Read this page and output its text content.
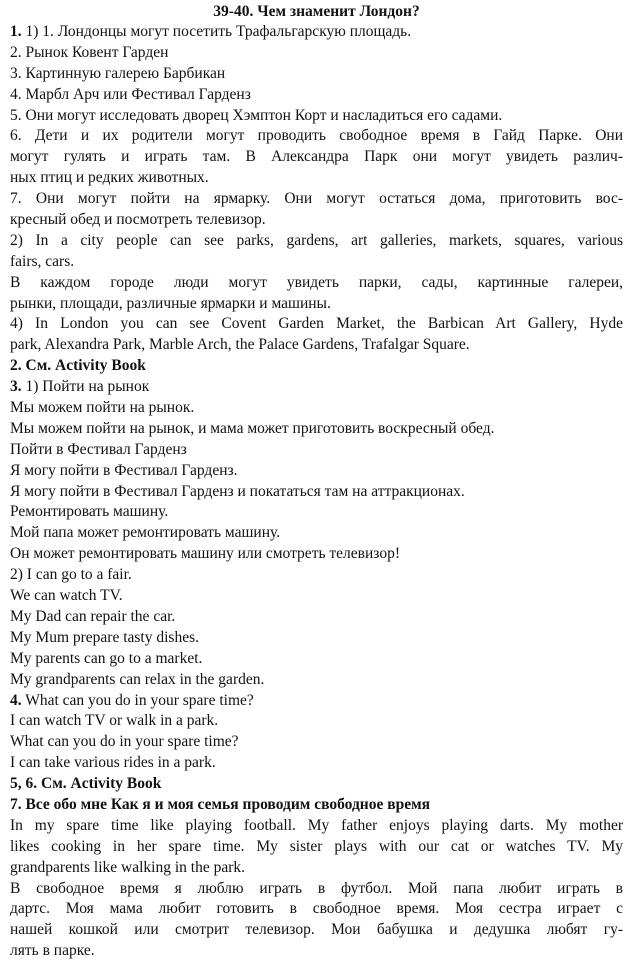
39-40. Чем знаменит Лондон?
1. 1) 1. Лондонцы могут посетить Трафальгарскую площадь.
2. Рынок Ковент Гарден
3. Картинную галерею Барбикан
4. Марбл Арч или Фестивал Гарденз
5. Они могут исследовать дворец Хэмптон Корт и насладиться его садами.
6. Дети и их родители могут проводить свободное время в Гайд Парке. Они
могут гулять и играть там. В Александра Парк они могут увидеть различ-
ных птиц и редких животных.
7. Они могут пойти на ярмарку. Они могут остаться дома, приготовить вос-
кресный обед и посмотреть телевизор.
2) In a city people can see parks, gardens, art galleries, markets, squares, various
fairs, cars.
В каждом городе люди могут увидеть парки, сады, картинные галереи,
рынки, площади, различные ярмарки и машины.
4) In London you can see Covent Garden Market, the Barbican Art Gallery, Hyde
park, Alexandra Park, Marble Arch, the Palace Gardens, Trafalgar Square.
2. См. Activity Book
3. 1) Пойти на рынок
Мы можем пойти на рынок.
Мы можем пойти на рынок, и мама может приготовить воскресный обед.
Пойти в Фестивал Гарденз
Я могу пойти в Фестивал Гарденз.
Я могу пойти в Фестивал Гарденз и покататься там на аттракционах.
Ремонтировать машину.
Мой папа может ремонтировать машину.
Он может ремонтировать машину или смотреть телевизор!
2) I can go to a fair.
We can watch TV.
My Dad can repair the car.
My Mum prepare tasty dishes.
My parents can go to a market.
My grandparents can relax in the garden.
4. What can you do in your spare time?
I can watch TV or walk in a park.
What can you do in your spare time?
I can take various rides in a park.
5, 6. См. Activity Book
7. Все обо мне Как я и моя семья проводим свободное время
In my spare time like playing football. My father enjoys playing darts. My mother
likes cooking in her spare time. My sister plays with our cat or watches TV. My
grandparents like walking in the park.
В свободное время я люблю играть в футбол. Мой папа любит играть в
дартс. Моя мама любит готовить в свободное время. Моя сестра играет с
нашей кошкой или смотрит телевизор. Мои бабушка и дедушка любят гу-
лять в парке.
